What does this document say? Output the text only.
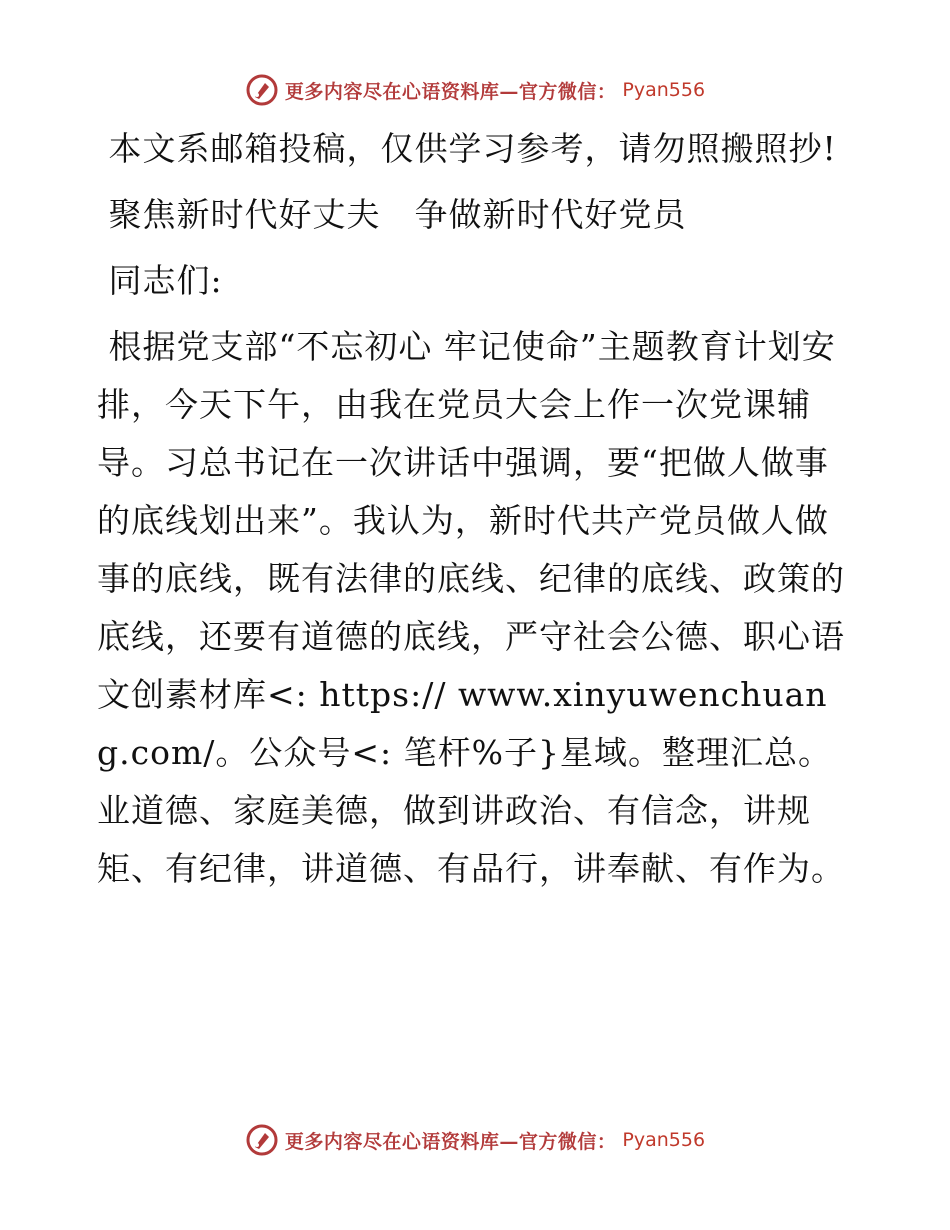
更多内容尽在心语资料库—官方微信： Pyan556

本文系邮箱投稿，仅供学习参考，请勿照搬照抄!

聚焦新时代好丈夫　争做新时代好党员

同志们:

根据党支部“不忘初心 牢记使命”主题教育计划安排，今天下午，由我在党员大会上作一次党课辅导。习总书记在一次讲话中强调，要“把做人做事的底线划出来”。我认为，新时代共产党员做人做事的底线，既有法律的底线、纪律的底线、政策的底线，还要有道德的底线，严守社会公德、职心语文创素材库<: https:// www.xinyuwenchuang.com/。公众号<: 笔杆%子}星域。整理汇总。业道德、家庭美德，做到讲政治、有信念，讲规矩、有纪律，讲道德、有品行，讲奉献、有作为。

更多内容尽在心语资料库—官方微信： Pyan556
